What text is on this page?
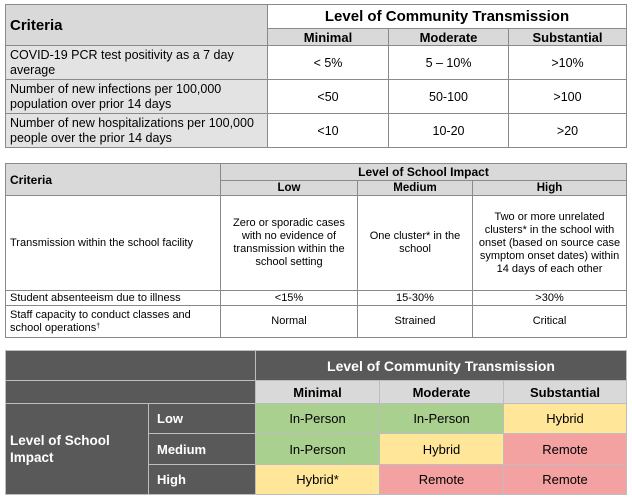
Criteria	Level of Community Transmission		
	Minimal	Moderate	Substantial
COVID-19 PCR test positivity as a 7 day average	< 5%	5 – 10%	>10%
Number of new infections per 100,000 population over prior 14 days	<50	50-100	>100
Number of new hospitalizations per 100,000 people over the prior 14 days	<10	10-20	>20
Criteria	Level of School Impact		
	Low	Medium	High
Transmission within the school facility	Zero or sporadic cases with no evidence of transmission within the school setting	One cluster* in the school	Two or more unrelated clusters* in the school with onset (based on source case symptom onset dates) within 14 days of each other
Student absenteeism due to illness	<15%	15-30%	>30%
Staff capacity to conduct classes and school operations†	Normal	Strained	Critical
		Level of Community Transmission		
		Minimal	Moderate	Substantial
Level of School Impact	Low	In-Person	In-Person	Hybrid
	Medium	In-Person	Hybrid	Remote
	High	Hybrid*	Remote	Remote
